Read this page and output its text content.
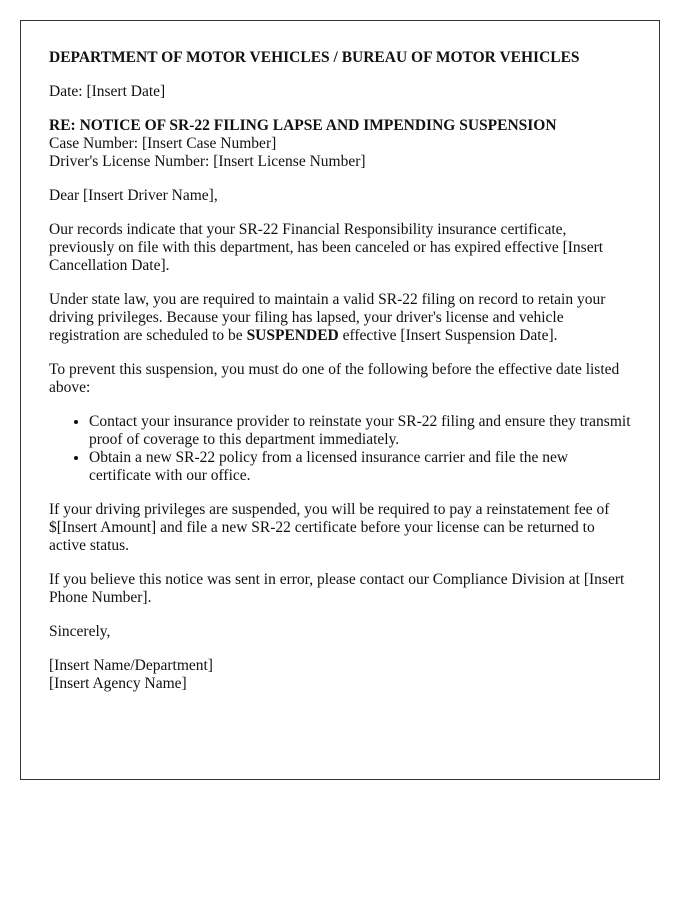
DEPARTMENT OF MOTOR VEHICLES / BUREAU OF MOTOR VEHICLES

Date: [Insert Date]

RE: NOTICE OF SR-22 FILING LAPSE AND IMPENDING SUSPENSION
Case Number: [Insert Case Number]
Driver's License Number: [Insert License Number]

Dear [Insert Driver Name],

Our records indicate that your SR-22 Financial Responsibility insurance certificate, previously on file with this department, has been canceled or has expired effective [Insert Cancellation Date].

Under state law, you are required to maintain a valid SR-22 filing on record to retain your driving privileges. Because your filing has lapsed, your driver's license and vehicle registration are scheduled to be SUSPENDED effective [Insert Suspension Date].

To prevent this suspension, you must do one of the following before the effective date listed above:

• Contact your insurance provider to reinstate your SR-22 filing and ensure they transmit proof of coverage to this department immediately.
• Obtain a new SR-22 policy from a licensed insurance carrier and file the new certificate with our office.

If your driving privileges are suspended, you will be required to pay a reinstatement fee of $[Insert Amount] and file a new SR-22 certificate before your license can be returned to active status.

If you believe this notice was sent in error, please contact our Compliance Division at [Insert Phone Number].

Sincerely,

[Insert Name/Department]
[Insert Agency Name]
